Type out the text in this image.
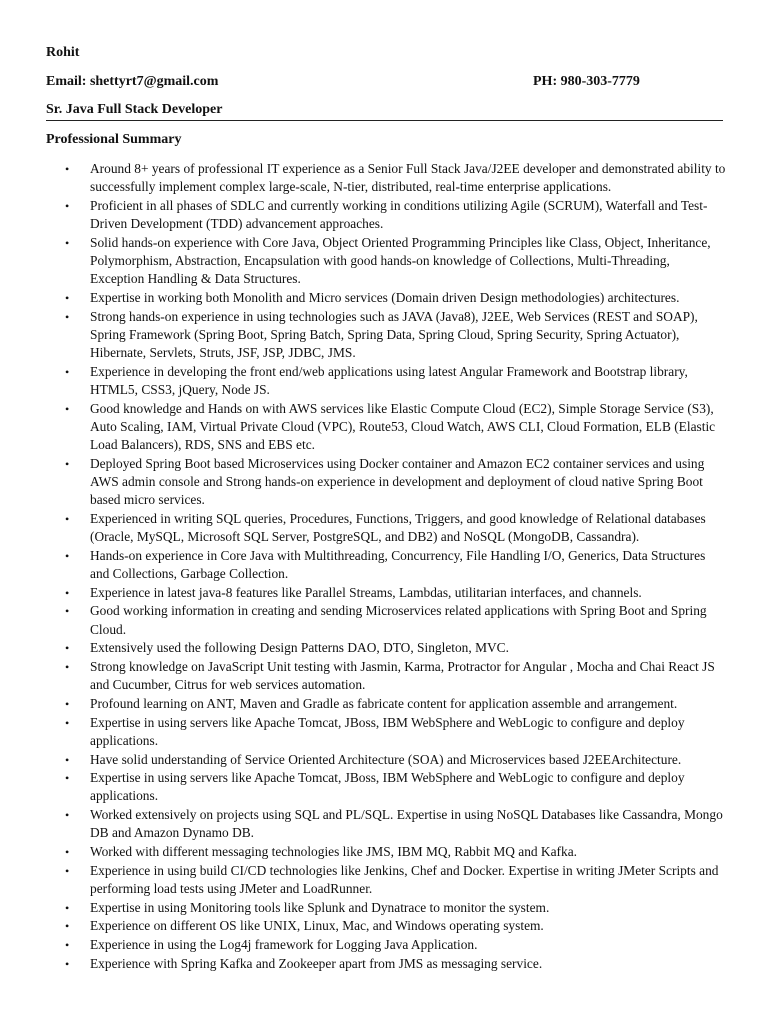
Rohit
Email: shettyrt7@gmail.com	PH: 980-303-7779
Sr. Java Full Stack Developer
Professional Summary
• Around 8+ years of professional IT experience as a Senior Full Stack Java/J2EE developer and demonstrated ability to successfully implement complex large-scale, N-tier, distributed, real-time enterprise applications.
• Proficient in all phases of SDLC and currently working in conditions utilizing Agile (SCRUM), Waterfall and Test-Driven Development (TDD) advancement approaches.
• Solid hands-on experience with Core Java, Object Oriented Programming Principles like Class, Object, Inheritance, Polymorphism, Abstraction, Encapsulation with good hands-on knowledge of Collections, Multi-Threading, Exception Handling & Data Structures.
• Expertise in working both Monolith and Micro services (Domain driven Design methodologies) architectures.
• Strong hands-on experience in using technologies such as JAVA (Java8), J2EE, Web Services (REST and SOAP), Spring Framework (Spring Boot, Spring Batch, Spring Data, Spring Cloud, Spring Security, Spring Actuator), Hibernate, Servlets, Struts, JSF, JSP, JDBC, JMS.
• Experience in developing the front end/web applications using latest Angular Framework and Bootstrap library, HTML5, CSS3, jQuery, Node JS.
• Good knowledge and Hands on with AWS services like Elastic Compute Cloud (EC2), Simple Storage Service (S3), Auto Scaling, IAM, Virtual Private Cloud (VPC), Route53, Cloud Watch, AWS CLI, Cloud Formation, ELB (Elastic Load Balancers), RDS, SNS and EBS etc.
• Deployed Spring Boot based Microservices using Docker container and Amazon EC2 container services and using AWS admin console and Strong hands-on experience in development and deployment of cloud native Spring Boot based micro services.
• Experienced in writing SQL queries, Procedures, Functions, Triggers, and good knowledge of Relational databases (Oracle, MySQL, Microsoft SQL Server, PostgreSQL, and DB2) and NoSQL (MongoDB, Cassandra).
• Hands-on experience in Core Java with Multithreading, Concurrency, File Handling I/O, Generics, Data Structures and Collections, Garbage Collection.
• Experience in latest java-8 features like Parallel Streams, Lambdas, utilitarian interfaces, and channels.
• Good working information in creating and sending Microservices related applications with Spring Boot and Spring Cloud.
• Extensively used the following Design Patterns DAO, DTO, Singleton, MVC.
• Strong knowledge on JavaScript Unit testing with Jasmin, Karma, Protractor for Angular , Mocha and Chai React JS and Cucumber, Citrus for web services automation.
• Profound learning on ANT, Maven and Gradle as fabricate content for application assemble and arrangement.
• Expertise in using servers like Apache Tomcat, JBoss, IBM WebSphere and WebLogic to configure and deploy applications.
• Have solid understanding of Service Oriented Architecture (SOA) and Microservices based J2EEArchitecture.
• Expertise in using servers like Apache Tomcat, JBoss, IBM WebSphere and WebLogic to configure and deploy applications.
• Worked extensively on projects using SQL and PL/SQL. Expertise in using NoSQL Databases like Cassandra, Mongo DB and Amazon Dynamo DB.
• Worked with different messaging technologies like JMS, IBM MQ, Rabbit MQ and Kafka.
• Experience in using build CI/CD technologies like Jenkins, Chef and Docker. Expertise in writing JMeter Scripts and performing load tests using JMeter and LoadRunner.
• Expertise in using Monitoring tools like Splunk and Dynatrace to monitor the system.
• Experience on different OS like UNIX, Linux, Mac, and Windows operating system.
• Experience in using the Log4j framework for Logging Java Application.
• Experience with Spring Kafka and Zookeeper apart from JMS as messaging service.
